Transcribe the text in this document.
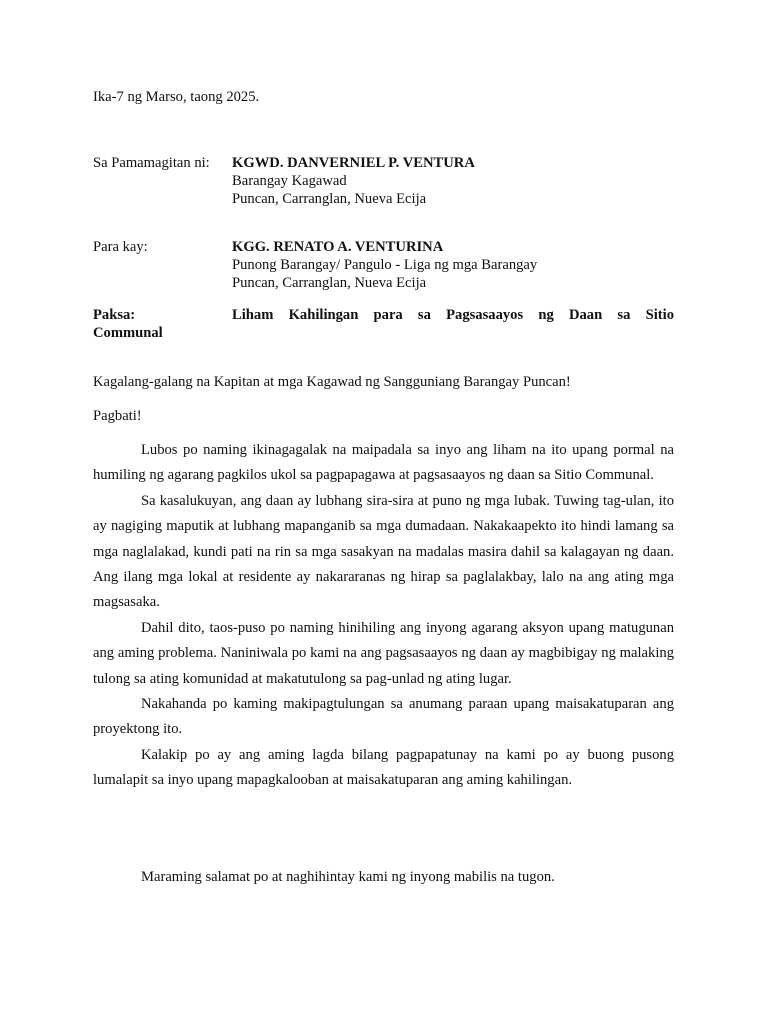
Ika-7 ng Marso, taong 2025.
Sa Pamamagitan ni:	KGWD. DANVERNIEL P. VENTURA
Barangay Kagawad
Puncan, Carranglan, Nueva Ecija
Para kay:	KGG. RENATO A. VENTURINA
Punong Barangay/ Pangulo - Liga ng mga Barangay
Puncan, Carranglan, Nueva Ecija
Paksa:	Liham Kahilingan para sa Pagsasaayos ng Daan sa Sitio
Communal
Kagalang-galang na Kapitan at mga Kagawad ng Sangguniang Barangay Puncan!
Pagbati!

Lubos po naming ikinagagalak na maipadala sa inyo ang liham na ito upang pormal na humiling ng agarang pagkilos ukol sa pagpapagawa at pagsasaayos ng daan sa Sitio Communal.

Sa kasalukuyan, ang daan ay lubhang sira-sira at puno ng mga lubak. Tuwing tag-ulan, ito ay nagiging maputik at lubhang mapanganib sa mga dumadaan. Nakakaapekto ito hindi lamang sa mga naglalakad, kundi pati na rin sa mga sasakyan na madalas masira dahil sa kalagayan ng daan. Ang ilang mga lokal at residente ay nakararanas ng hirap sa paglalakbay, lalo na ang ating mga magsasaka.

Dahil dito, taos-puso po naming hinihiling ang inyong agarang aksyon upang matugunan ang aming problema. Naniniwala po kami na ang pagsasaayos ng daan ay magbibigay ng malaking tulong sa ating komunidad at makatutulong sa pag-unlad ng ating lugar.

Nakahanda po kaming makipagtulungan sa anumang paraan upang maisakatuparan ang proyektong ito.

Kalakip po ay ang aming lagda bilang pagpapatunay na kami po ay buong pusong lumalapit sa inyo upang mapagkalooban at maisakatuparan ang aming kahilingan.

Maraming salamat po at naghihintay kami ng inyong mabilis na tugon.
